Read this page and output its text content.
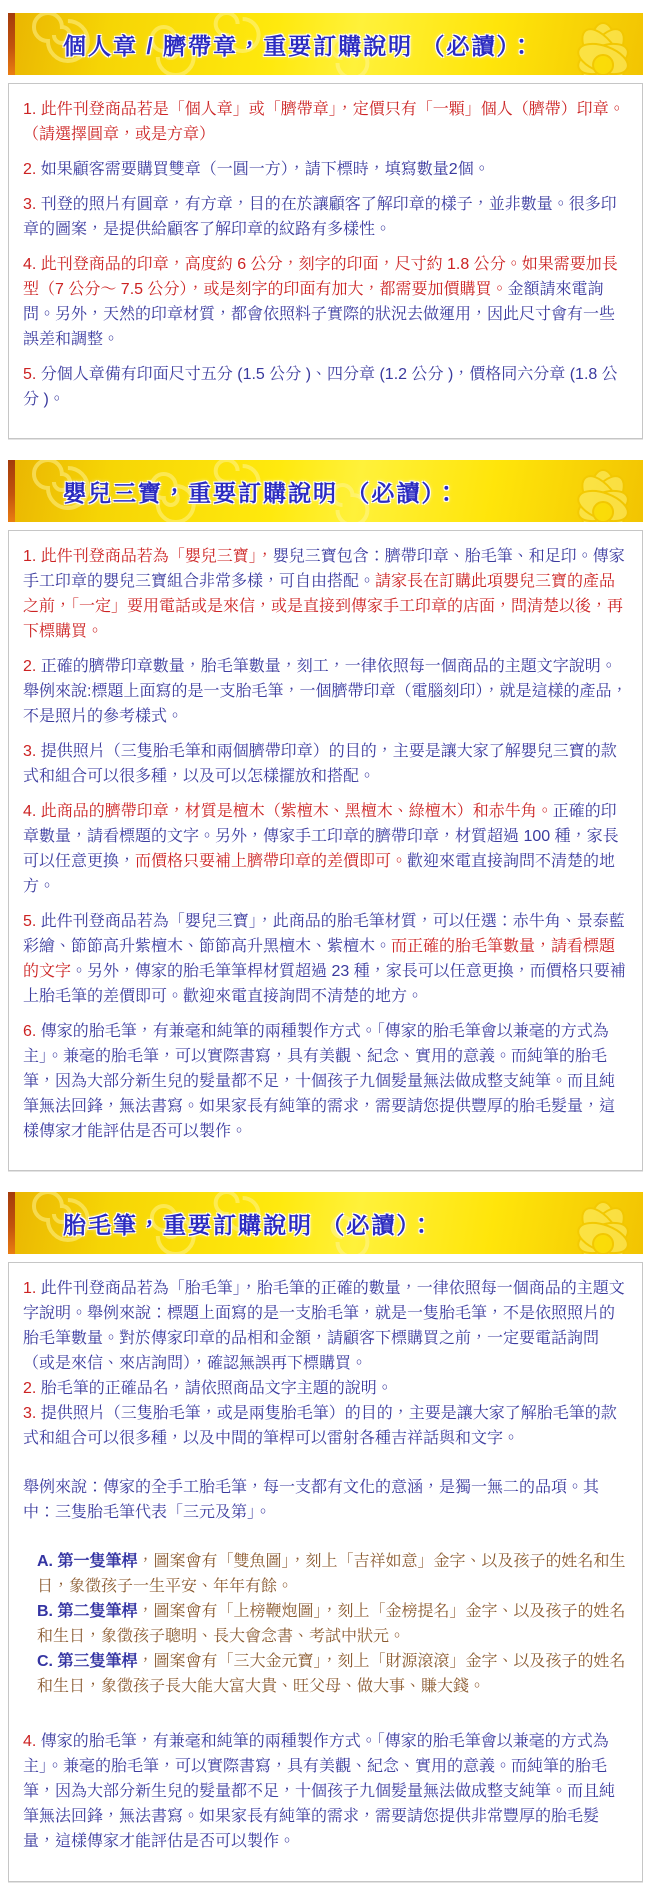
個人章 / 臍帶章，重要訂購說明 （必讀）：

1. 此件刊登商品若是「個人章」或「臍帶章」，定價只有「一顆」個人（臍帶）印章。（請選擇圓章，或是方章）

2. 如果顧客需要購買雙章（一圓一方），請下標時，填寫數量2個。

3. 刊登的照片有圓章，有方章，目的在於讓顧客了解印章的樣子，並非數量。很多印章的圖案，是提供給顧客了解印章的紋路有多樣性。

4. 此刊登商品的印章，高度約 6 公分，刻字的印面，尺寸約 1.8 公分。如果需要加長型（7 公分～ 7.5 公分），或是刻字的印面有加大，都需要加價購買。金額請來電詢問。另外，天然的印章材質，都會依照料子實際的狀況去做運用，因此尺寸會有一些誤差和調整。

5. 分個人章備有印面尺寸五分 (1.5 公分 )、四分章 (1.2 公分 )，價格同六分章 (1.8 公分 )。

嬰兒三寶，重要訂購說明 （必讀）：

1. 此件刊登商品若為「嬰兒三寶」，嬰兒三寶包含：臍帶印章、胎毛筆、和足印。傳家手工印章的嬰兒三寶組合非常多樣，可自由搭配。請家長在訂購此項嬰兒三寶的產品之前，「一定」要用電話或是來信，或是直接到傳家手工印章的店面，問清楚以後，再下標購買。

2. 正確的臍帶印章數量，胎毛筆數量，刻工，一律依照每一個商品的主題文字說明。舉例來說:標題上面寫的是一支胎毛筆，一個臍帶印章（電腦刻印），就是這樣的產品，不是照片的參考樣式。

3. 提供照片（三隻胎毛筆和兩個臍帶印章）的目的，主要是讓大家了解嬰兒三寶的款式和組合可以很多種，以及可以怎樣擺放和搭配。

4. 此商品的臍帶印章，材質是檀木（紫檀木、黑檀木、綠檀木）和赤牛角。正確的印章數量，請看標題的文字。另外，傳家手工印章的臍帶印章，材質超過 100 種，家長可以任意更換，而價格只要補上臍帶印章的差價即可。歡迎來電直接詢問不清楚的地方。

5. 此件刊登商品若為「嬰兒三寶」，此商品的胎毛筆材質，可以任選：赤牛角、景泰藍彩繪、節節高升紫檀木、節節高升黑檀木、紫檀木。而正確的胎毛筆數量，請看標題的文字。另外，傳家的胎毛筆筆桿材質超過 23 種，家長可以任意更換，而價格只要補上胎毛筆的差價即可。歡迎來電直接詢問不清楚的地方。

6. 傳家的胎毛筆，有兼毫和純筆的兩種製作方式。「傳家的胎毛筆會以兼毫的方式為主」。兼毫的胎毛筆，可以實際書寫，具有美觀、紀念、實用的意義。而純筆的胎毛筆，因為大部分新生兒的髮量都不足，十個孩子九個髮量無法做成整支純筆。而且純筆無法回鋒，無法書寫。如果家長有純筆的需求，需要請您提供豐厚的胎毛髮量，這樣傳家才能評估是否可以製作。

胎毛筆，重要訂購說明 （必讀）：

1. 此件刊登商品若為「胎毛筆」，胎毛筆的正確的數量，一律依照每一個商品的主題文字說明。舉例來說：標題上面寫的是一支胎毛筆，就是一隻胎毛筆，不是依照照片的胎毛筆數量。對於傳家印章的品相和金額，請顧客下標購買之前，一定要電話詢問（或是來信、來店詢問），確認無誤再下標購買。

2. 胎毛筆的正確品名，請依照商品文字主題的說明。

3. 提供照片（三隻胎毛筆，或是兩隻胎毛筆）的目的，主要是讓大家了解胎毛筆的款式和組合可以很多種，以及中間的筆桿可以雷射各種吉祥話與和文字。

舉例來說：傳家的全手工胎毛筆，每一支都有文化的意涵，是獨一無二的品項。其中：三隻胎毛筆代表「三元及第」。

A. 第一隻筆桿，圖案會有「雙魚圖」，刻上「吉祥如意」金字、以及孩子的姓名和生日，象徵孩子一生平安、年年有餘。

B. 第二隻筆桿，圖案會有「上榜鞭炮圖」，刻上「金榜提名」金字、以及孩子的姓名和生日，象徵孩子聰明、長大會念書、考試中狀元。

C. 第三隻筆桿，圖案會有「三大金元寶」，刻上「財源滾滾」金字、以及孩子的姓名和生日，象徵孩子長大能大富大貴、旺父母、做大事、賺大錢。

4. 傳家的胎毛筆，有兼毫和純筆的兩種製作方式。「傳家的胎毛筆會以兼毫的方式為主」。兼毫的胎毛筆，可以實際書寫，具有美觀、紀念、實用的意義。而純筆的胎毛筆，因為大部分新生兒的髮量都不足，十個孩子九個髮量無法做成整支純筆。而且純筆無法回鋒，無法書寫。如果家長有純筆的需求，需要請您提供非常豐厚的胎毛髮量，這樣傳家才能評估是否可以製作。
